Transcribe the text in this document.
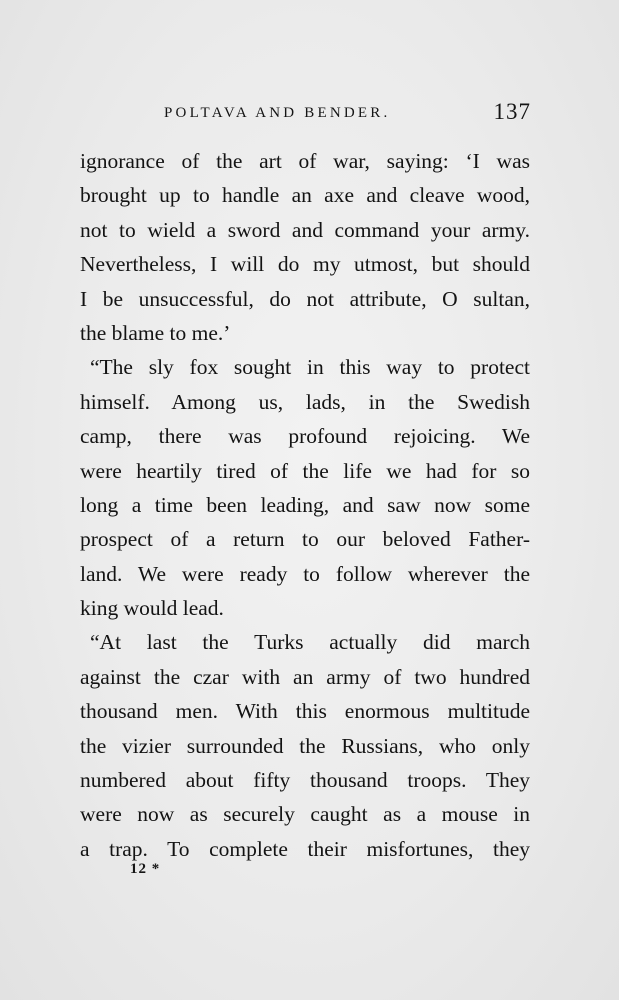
POLTAVA AND BENDER.	137
ignorance of the art of war, saying: ‘I was
brought up to handle an axe and cleave wood,
not to wield a sword and command your army.
Nevertheless, I will do my utmost, but should
I be unsuccessful, do not attribute, O sultan,
the blame to me.’
“The sly fox sought in this way to protect
himself. Among us, lads, in the Swedish
camp, there was profound rejoicing. We
were heartily tired of the life we had for so
long a time been leading, and saw now some
prospect of a return to our beloved Father-
land. We were ready to follow wherever the
king would lead.
“At last the Turks actually did march
against the czar with an army of two hundred
thousand men. With this enormous multitude
the vizier surrounded the Russians, who only
numbered about fifty thousand troops. They
were now as securely caught as a mouse in
a trap. To complete their misfortunes, they
12 *
